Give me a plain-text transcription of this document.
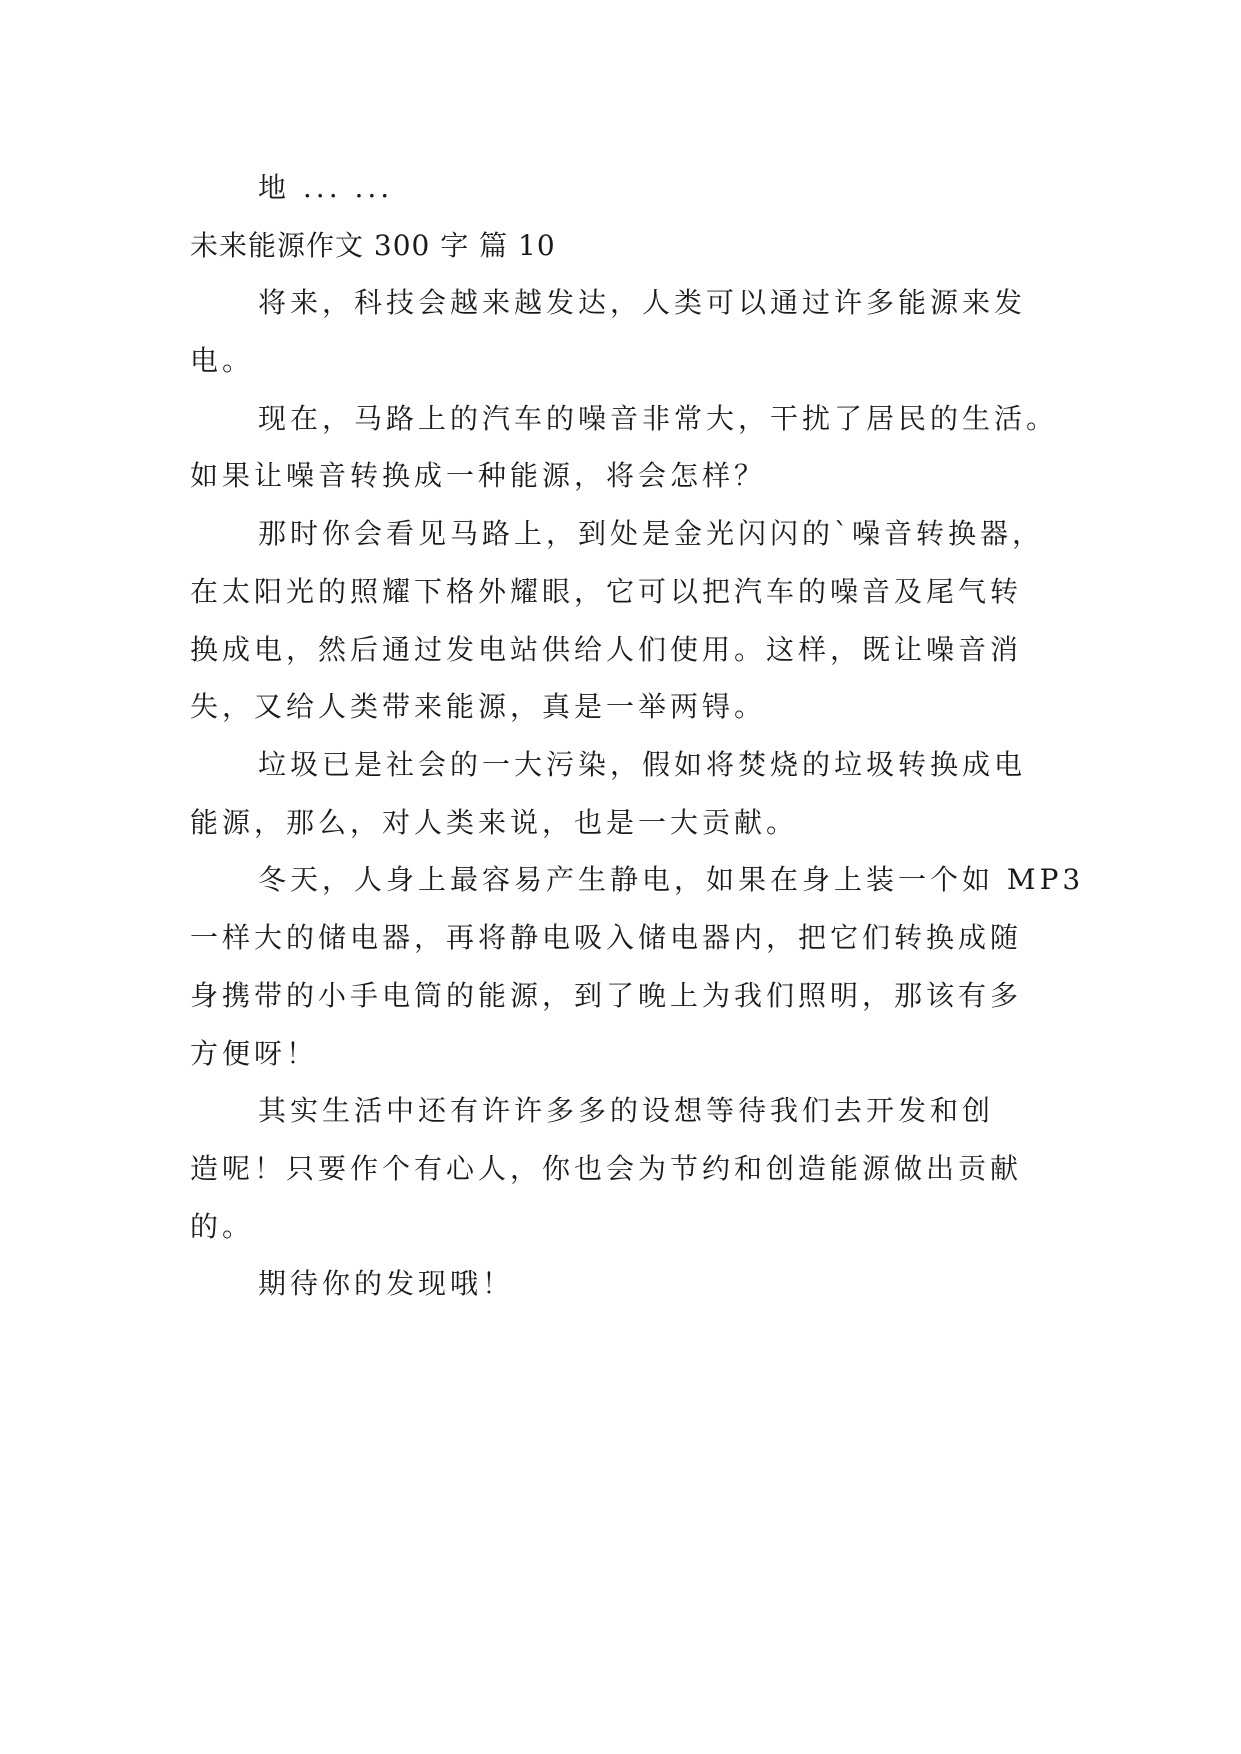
地 ... ...
未来能源作文 300 字 篇 10
将来，科技会越来越发达，人类可以通过许多能源来发
电。
现在，马路上的汽车的噪音非常大，干扰了居民的生活。
如果让噪音转换成一种能源，将会怎样？
那时你会看见马路上，到处是金光闪闪的`噪音转换器，
在太阳光的照耀下格外耀眼，它可以把汽车的噪音及尾气转
换成电，然后通过发电站供给人们使用。这样，既让噪音消
失，又给人类带来能源，真是一举两锝。
垃圾已是社会的一大污染，假如将焚烧的垃圾转换成电
能源，那么，对人类来说，也是一大贡献。
冬天，人身上最容易产生静电，如果在身上装一个如 MP3
一样大的储电器，再将静电吸入储电器内，把它们转换成随
身携带的小手电筒的能源，到了晚上为我们照明，那该有多
方便呀！
其实生活中还有许许多多的设想等待我们去开发和创
造呢！只要作个有心人，你也会为节约和创造能源做出贡献
的。
期待你的发现哦！
